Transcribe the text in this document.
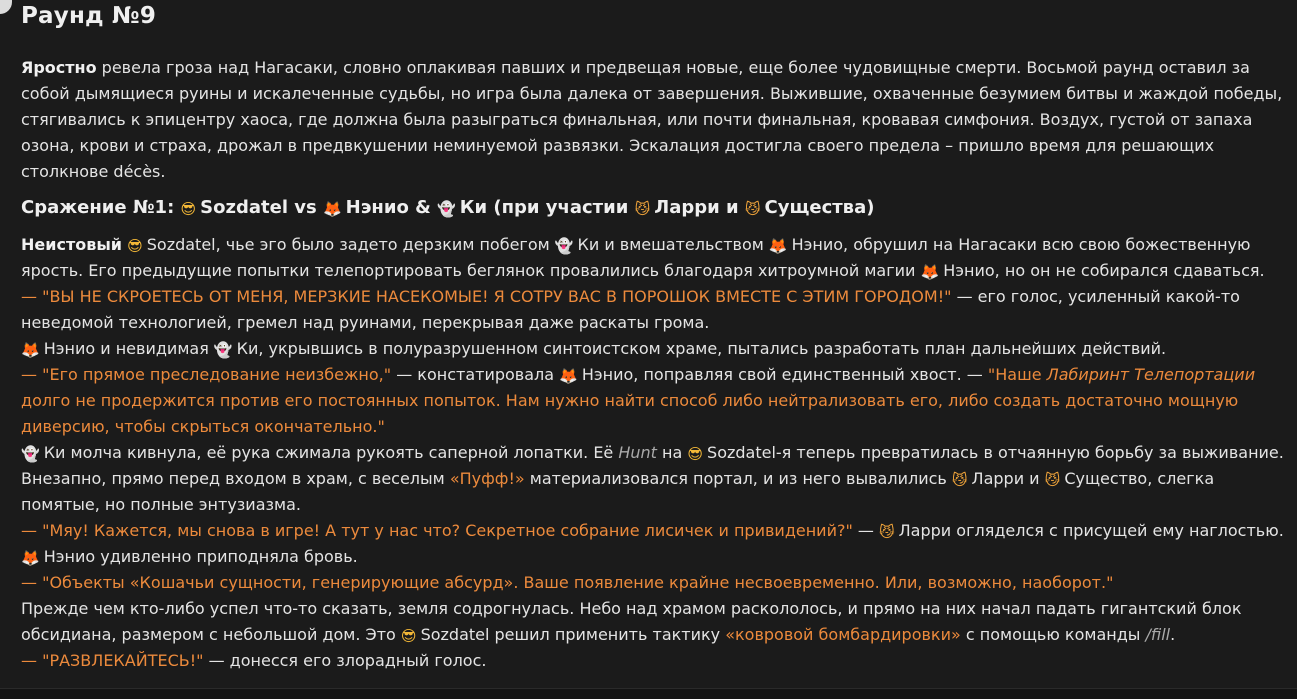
Раунд №9

Яростно ревела гроза над Нагасаки, словно оплакивая павших и предвещая новые, еще более чудовищные смерти. Восьмой раунд оставил за собой дымящиеся руины и искалеченные судьбы, но игра была далека от завершения. Выжившие, охваченные безумием битвы и жаждой победы, стягивались к эпицентру хаоса, где должна была разыграться финальная, или почти финальная, кровавая симфония. Воздух, густой от запаха озона, крови и страха, дрожал в предвкушении неминуемой развязки. Эскалация достигла своего предела – пришло время для решающих столкнове décès.

Сражение №1: 😎 Sozdatel vs 🦊 Нэнио & 👻 Ки (при участии 😼 Ларри и 😼 Существа)

Неистовый 😎 Sozdatel, чье эго было задето дерзким побегом 👻 Ки и вмешательством 🦊 Нэнио, обрушил на Нагасаки всю свою божественную ярость. Его предыдущие попытки телепортировать беглянок провалились благодаря хитроумной магии 🦊 Нэнио, но он не собирался сдаваться.

— "ВЫ НЕ СКРОЕТЕСЬ ОТ МЕНЯ, МЕРЗКИЕ НАСЕКОМЫЕ! Я СОТРУ ВАС В ПОРОШОК ВМЕСТЕ С ЭТИМ ГОРОДОМ!" — его голос, усиленный какой-то неведомой технологией, гремел над руинами, перекрывая даже раскаты грома.

🦊 Нэнио и невидимая 👻 Ки, укрывшись в полуразрушенном синтоистском храме, пытались разработать план дальнейших действий.

— "Его прямое преследование неизбежно," — констатировала 🦊 Нэнио, поправляя свой единственный хвост. — "Наше Лабиринт Телепортации долго не продержится против его постоянных попыток. Нам нужно найти способ либо нейтрализовать его, либо создать достаточно мощную диверсию, чтобы скрыться окончательно."

👻 Ки молча кивнула, её рука сжимала рукоять саперной лопатки. Её Hunt на 😎 Sozdatel-я теперь превратилась в отчаянную борьбу за выживание. Внезапно, прямо перед входом в храм, с веселым «Пуфф!» материализовался портал, и из него вывалились 😼 Ларри и 😼 Существо, слегка помятые, но полные энтузиазма.

— "Мяу! Кажется, мы снова в игре! А тут у нас что? Секретное собрание лисичек и привидений?" — 😼 Ларри огляделся с присущей ему наглостью.

🦊 Нэнио удивленно приподняла бровь.

— "Объекты «Кошачьи сущности, генерирующие абсурд». Ваше появление крайне несвоевременно. Или, возможно, наоборот."

Прежде чем кто-либо успел что-то сказать, земля содрогнулась. Небо над храмом раскололось, и прямо на них начал падать гигантский блок обсидиана, размером с небольшой дом. Это 😎 Sozdatel решил применить тактику «ковровой бомбардировки» с помощью команды /fill.

— "РАЗВЛЕКАЙТЕСЬ!" — донесся его злорадный голос.
